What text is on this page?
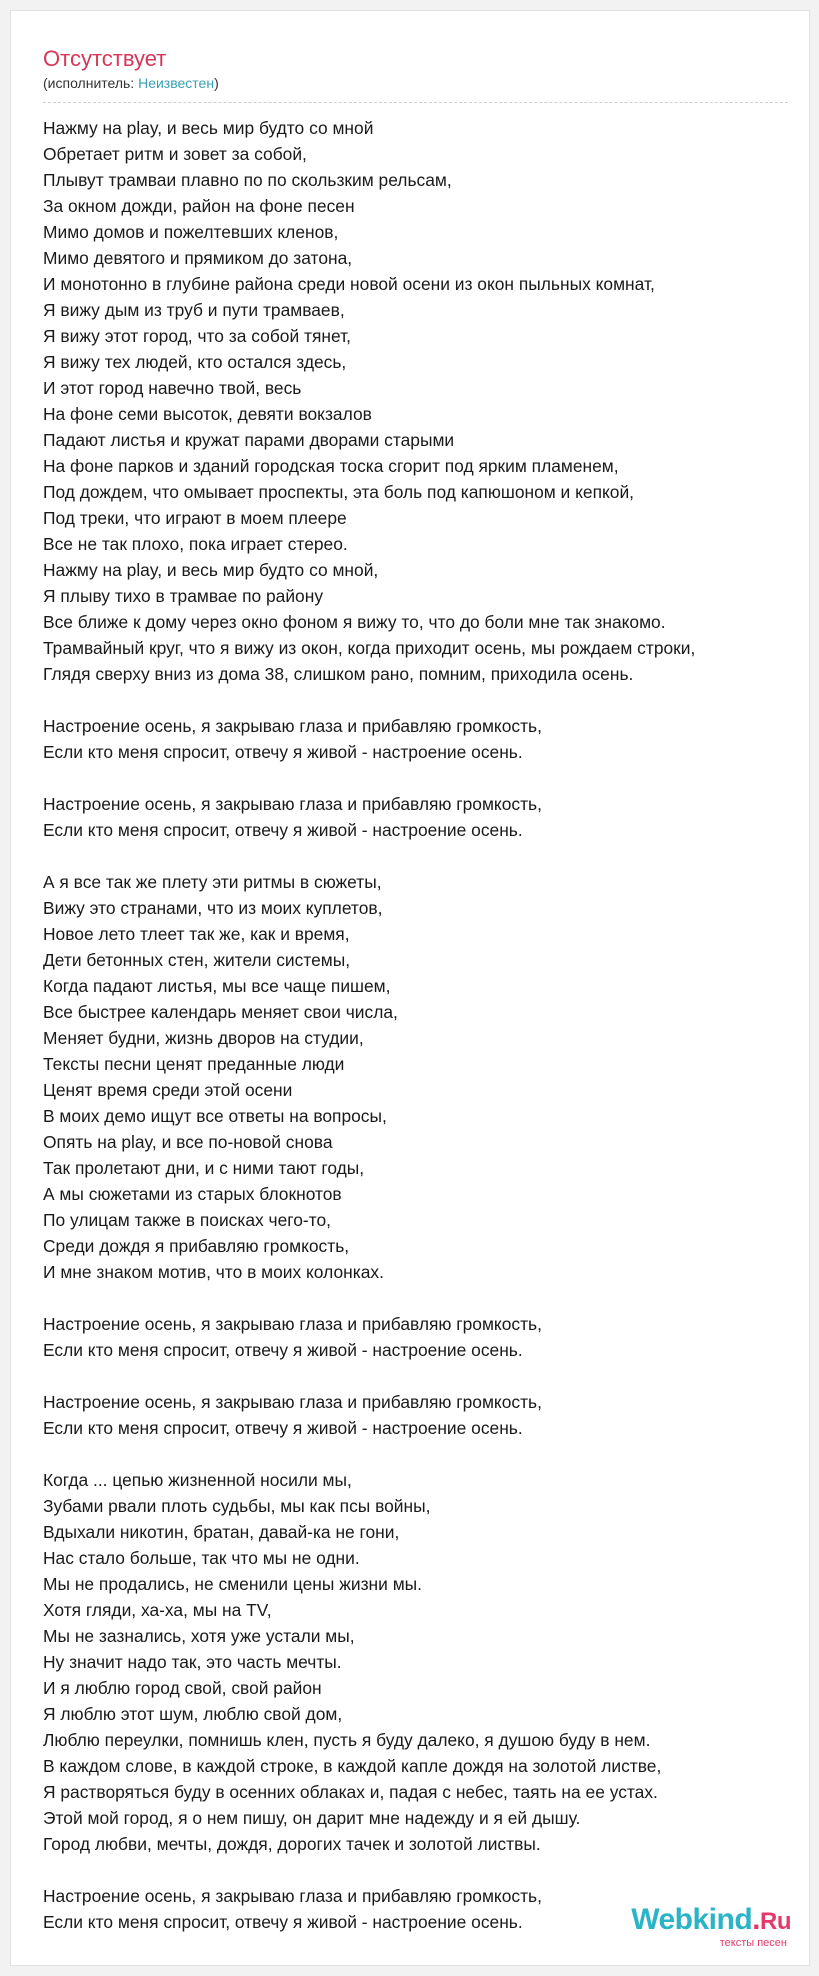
Отсутствует
(исполнитель: Неизвестен)
Нажму на play, и весь мир будто со мной
Обретает ритм и зовет за собой,
Плывут трамваи плавно по по скользким рельсам,
За окном дожди, район на фоне песен
Мимо домов и пожелтевших кленов,
Мимо девятого и прямиком до затона,
И монотонно в глубине района среди новой осени из окон пыльных комнат,
Я вижу дым из труб и пути трамваев,
Я вижу этот город, что за собой тянет,
Я вижу тех людей, кто остался здесь,
И этот город навечно твой, весь
На фоне семи высоток, девяти вокзалов
Падают листья и кружат парами дворами старыми
На фоне парков и зданий городская тоска сгорит под ярким пламенем,
Под дождем, что омывает проспекты, эта боль под капюшоном и кепкой,
Под треки, что играют в моем плеере
Все не так плохо, пока играет стерео.
Нажму на play, и весь мир будто со мной,
Я плыву тихо в трамвае по району
Все ближе к дому через окно фоном я вижу то, что до боли мне так знакомо.
Трамвайный круг, что я вижу из окон, когда приходит осень, мы рождаем строки,
Глядя сверху вниз из дома 38, слишком рано, помним, приходила осень.
Настроение осень, я закрываю глаза и прибавляю громкость,
Если кто меня спросит, отвечу я живой - настроение осень.
Настроение осень, я закрываю глаза и прибавляю громкость,
Если кто меня спросит, отвечу я живой - настроение осень.
А я все так же плету эти ритмы в сюжеты,
Вижу это странами, что из моих куплетов,
Новое лето тлеет так же, как и время,
Дети бетонных стен, жители системы,
Когда падают листья, мы все чаще пишем,
Все быстрее календарь меняет свои числа,
Меняет будни, жизнь дворов на студии,
Тексты песни ценят преданные люди
Ценят время среди этой осени
В моих демо ищут все ответы на вопросы,
Опять на play, и все по-новой снова
Так пролетают дни, и с ними тают годы,
А мы сюжетами из старых блокнотов
По улицам также в поисках чего-то,
Среди дождя я прибавляю громкость,
И мне знаком мотив, что в моих колонках.
Настроение осень, я закрываю глаза и прибавляю громкость,
Если кто меня спросит, отвечу я живой - настроение осень.
Настроение осень, я закрываю глаза и прибавляю громкость,
Если кто меня спросит, отвечу я живой - настроение осень.
Когда ... цепью жизненной носили мы,
Зубами рвали плоть судьбы, мы как псы войны,
Вдыхали никотин, братан, давай-ка не гони,
Нас стало больше, так что мы не одни.
Мы не продались, не сменили цены жизни мы.
Хотя гляди, ха-ха, мы на TV,
Мы не зазнались, хотя уже устали мы,
Ну значит надо так, это часть мечты.
И я люблю город свой, свой район
Я люблю этот шум, люблю свой дом,
Люблю переулки, помнишь клен, пусть я буду далеко, я душою буду в нем.
В каждом слове, в каждой строке, в каждой капле дождя на золотой листве,
Я растворяться буду в осенних облаках и, падая с небес, таять на ее устах.
Этой мой город, я о нем пишу, он дарит мне надежду и я ей дышу.
Город любви, мечты, дождя, дорогих тачек и золотой листвы.
Настроение осень, я закрываю глаза и прибавляю громкость,
Если кто меня спросит, отвечу я живой - настроение осень.	Webkind.Ru
тексты песен
